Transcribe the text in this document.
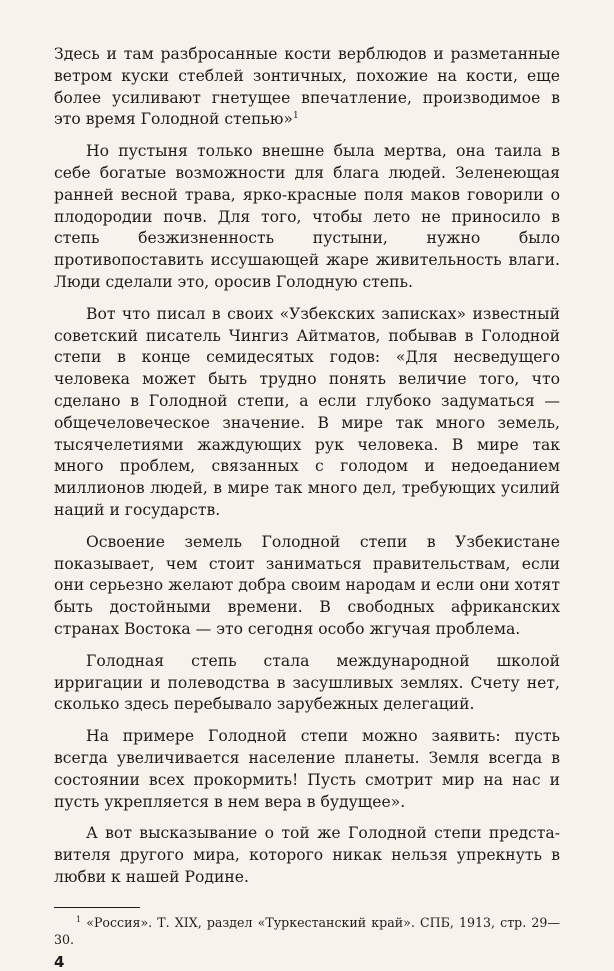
Здесь и там разбросанные кости верблюдов и разметанные ветром куски стеблей зонтичных, похожие на кости, еще более усиливают гнетущее впечатление, производимое в это время Голодной степью»$^1$

Но пустыня только внешне была мертва, она таила в себе богатые возможности для блага людей. Зеленеющая ранней весной трава, ярко-красные поля маков говорили о плодородии почв. Для того, чтобы лето не приносило в степь безжизненность пустыни, нужно было противопоставить иссушающей жаре живительность влаги. Люди сделали это, оросив Голодную степь.

Вот что писал в своих «Узбекских записках» известный советский писатель Чингиз Айтматов, побывав в Голодной степи в конце семидесятых годов: «Для несведущего человека может быть трудно понять величие того, что сделано в Голодной степи, а если глубоко задуматься — общечеловеческое значение. В мире так много земель, тысячелетиями жаждующих рук человека. В мире так много проблем, связанных с голодом и недоеданием миллионов людей, в мире так много дел, требующих усилий наций и государств.

Освоение земель Голодной степи в Узбекистане показывает, чем стоит заниматься правительствам, если они серьезно желают добра своим народам и если они хотят быть достойными времени. В свободных африканских странах Востока — это сегодня особо жгучая проблема.

Голодная степь стала международной школой ирригации и полеводства в засушливых землях. Счету нет, сколько здесь перебывало зарубежных делегаций.

На примере Голодной степи можно заявить: пусть всегда увеличивается население планеты. Земля всегда в состоянии всех прокормить! Пусть смотрит мир на нас и пусть укрепляется в нем вера в будущее».

А вот высказывание о той же Голодной степи представителя другого мира, которого никак нельзя упрекнуть в любви к нашей Родине.

$^1$ «Россия». Т. XIX, раздел «Туркестанский край». СПБ, 1913, стр. 29—30.

4
